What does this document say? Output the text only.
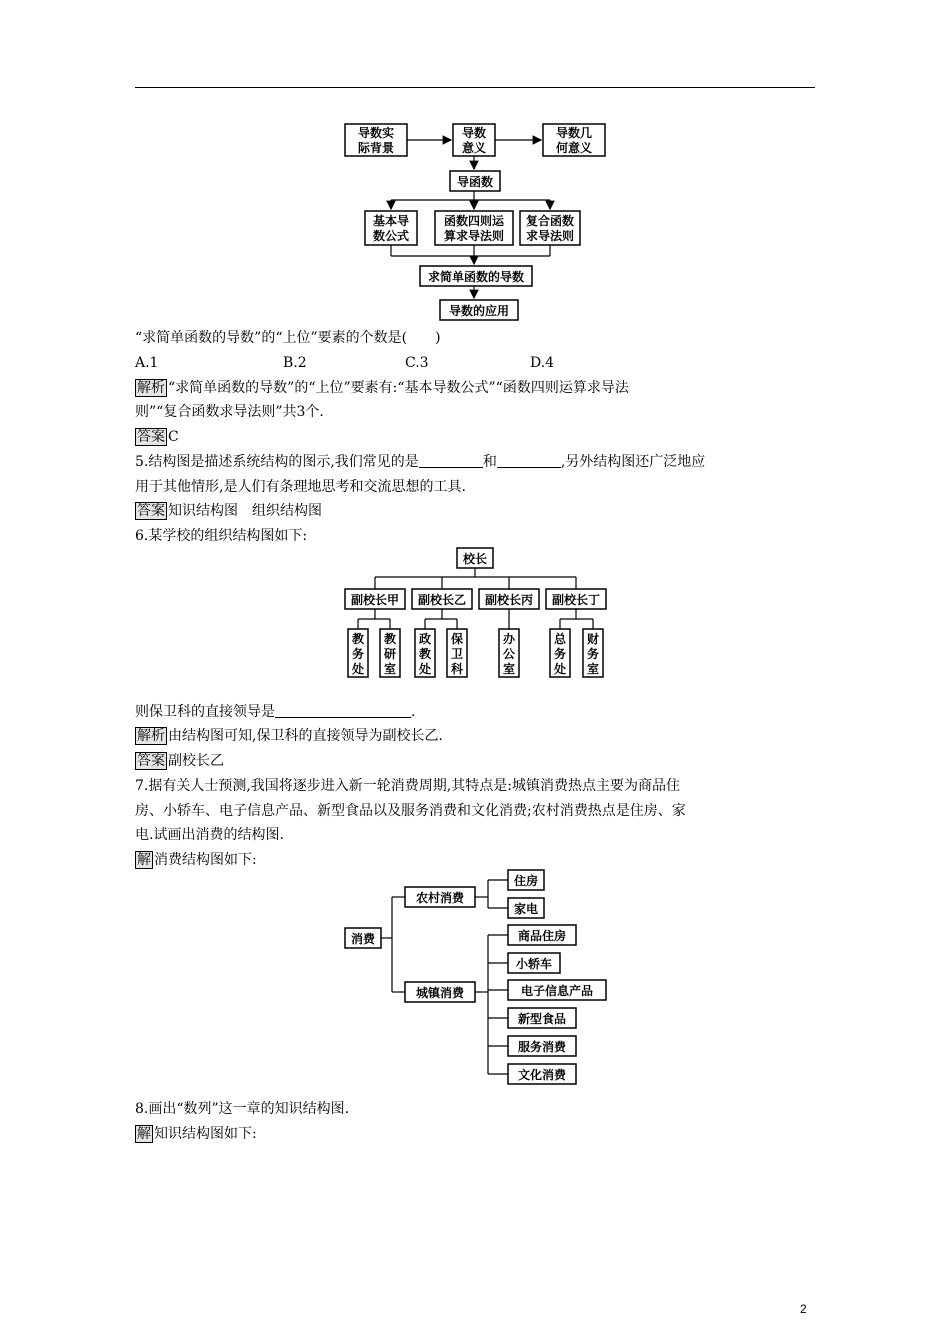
导数实
际背景
导数
意义
导数几
何意义
导函数
基本导
数公式
函数四则运
算求导法则
复合函数
求导法则
求简单函数的导数
导数的应用
“求简单函数的导数”的“上位”要素的个数是(　　)
A.1	B.2	C.3	D.4
解析 “求简单函数的导数”的“上位”要素有:“基本导数公式”“函数四则运算求导法
则”“复合函数求导法则”共3个.
答案 C
5.结构图是描述系统结构的图示,我们常见的是	和	,另外结构图还广泛地应
用于其他情形,是人们有条理地思考和交流思想的工具.
答案 知识结构图　组织结构图
6.某学校的组织结构图如下:
校长
副校长甲 副校长乙 副校长丙 副校长丁
教
务
处
教
研
室
政
教
处
保
卫
科
办
公
室
总
务
处
财
务
室
则保卫科的直接领导是	.
解析 由结构图可知,保卫科的直接领导为副校长乙.
答案 副校长乙
7.据有关人士预测,我国将逐步进入新一轮消费周期,其特点是:城镇消费热点主要为商品住
房、小轿车、电子信息产品、新型食品以及服务消费和文化消费;农村消费热点是住房、家
电.试画出消费的结构图.
解 消费结构图如下:
消费
农村消费
城镇消费
住房
家电
商品住房
小轿车
电子信息产品
新型食品
服务消费
文化消费
8.画出“数列”这一章的知识结构图.
解 知识结构图如下:
2
